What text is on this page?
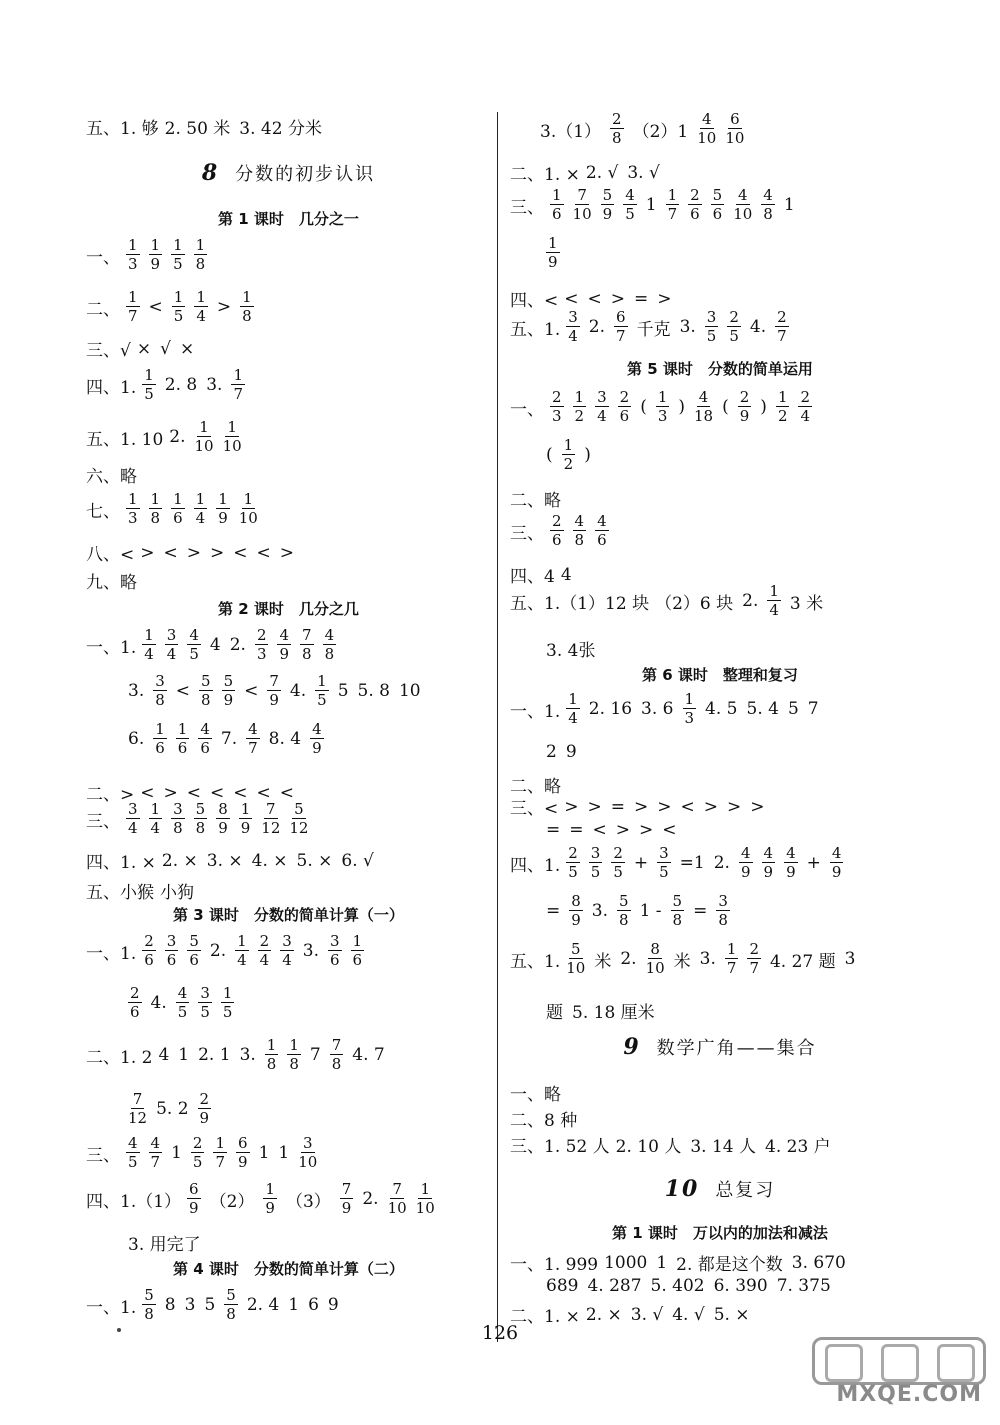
五、1. 够 2. 50 米 3. 42 分米
8 分数的初步认识
第 1 课时　几分之一
一、 $\frac{1}{3} \frac{1}{9} \frac{1}{5} \frac{1}{8}$
二、 $\frac{1}{7} < \frac{1}{5} \frac{1}{4} > \frac{1}{8}$
三、√ × √ ×
四、1. $\frac{1}{5} 2$. 8 3. $\frac{1}{7}$
五、1. 10 2. $\frac{1}{10} \frac{1}{10}$
六、略
七、 $\frac{1}{3} \frac{1}{8} \frac{1}{6} \frac{1}{4} \frac{1}{9} \frac{1}{10}$
八、< > < > > < < >
九、略
第 2 课时　几分之几
一、1. $\frac{1}{4} \frac{3}{4} \frac{4}{5} 4$ 2. $\frac{2}{3} \frac{4}{9} \frac{7}{8} \frac{4}{8}$
3. $\frac{3}{8} < \frac{5}{8} \frac{5}{9} < \frac{7}{9} 4$. $\frac{1}{5} 5$ 5. 8 10
6. $\frac{1}{6} \frac{1}{6} \frac{4}{6} 7$. $\frac{4}{7} 8$. $4 \frac{4}{9}$
二、> < > < < < < <
三、 $\frac{3}{4} \frac{1}{4} \frac{3}{8} \frac{5}{8} \frac{8}{9} \frac{1}{9} \frac{7}{12} \frac{5}{12}$
四、1. × 2. × 3. × 4. × 5. × 6. √
五、小猴 小狗
第 3 课时　分数的简单计算（一）
一、1. $\frac{2}{6} \frac{3}{6} \frac{5}{6} 2$. $\frac{1}{4} \frac{2}{4} \frac{3}{4} 3$. $\frac{3}{6} \frac{1}{6}$
$\frac{2}{6} 4$. $\frac{4}{5} \frac{3}{5} \frac{1}{5}$
二、1. 2 4 1 2. 1 3. $\frac{1}{8} \frac{1}{8} 7 \frac{7}{8} 4$. 7
$\frac{7}{12} 5$. $2 \frac{2}{9}$
三、 $\frac{4}{5} \frac{4}{7} 1 \frac{2}{5} \frac{1}{7} \frac{6}{9} 1$ $1 \frac{3}{10}$
四、$1.(1) \frac{6}{9} (2) \frac{1}{9} (3) \frac{7}{9} 2$. $\frac{7}{10} \frac{1}{10}$
3. 用完了
第 4 课时　分数的简单计算（二）
一、1. $\frac{5}{8} 8$ 3 $5 \frac{5}{8} 2$. 4 1 6 9
$3.(1) \frac{2}{8} (2)1 \frac{4}{10} \frac{6}{10}$
二、1. × 2. √ 3. √
三、 $\frac{1}{6} \frac{7}{10} \frac{5}{9} \frac{4}{5} 1 \frac{1}{7} \frac{2}{6} \frac{5}{6} \frac{4}{10} \frac{4}{8} 1$
$\frac{1}{9}$
四、< < < > = >
五、1. $\frac{3}{4} 2$. $\frac{6}{7}$ 千克 3. $\frac{3}{5} \frac{2}{5} 4$. $\frac{2}{7}$
第 5 课时　分数的简单运用
一、 $\frac{2}{3} \frac{1}{2} \frac{3}{4} \frac{2}{6}$ ( $\frac{1}{3}$ ) $\frac{4}{18}$ ( $\frac{2}{9}$ ) $\frac{1}{2} \frac{2}{4}$
( $\frac{1}{2}$ )
二、略
三、 $\frac{2}{6} \frac{4}{8} \frac{4}{6}$
四、4 4
五、1.（1）12 块 （2）6 块 2. $\frac{1}{4} 3$ 米
3. 4张
第 6 课时　整理和复习
一、1. $\frac{1}{4} 2$. 16 3. $6 \frac{1}{3} 4$. 5 5. 4 5 7
2 9
二、略
三、< > > = > > < > > >
= = < > > <
四、1. $\frac{2}{5} \frac{3}{5} \frac{2}{5} + \frac{3}{5} =1$ 2. $\frac{4}{9} \frac{4}{9} \frac{4}{9} + \frac{4}{9}$
= $\frac{8}{9} 3$. $\frac{5}{8} 1 - \frac{5}{8} = \frac{3}{8}$
五、1. $\frac{5}{10}$ 米 2. $\frac{8}{10}$ 米 3. $\frac{1}{7} \frac{2}{7} 4$. 27 题 3
题 5. 18 厘米
9 数学广角——集合
一、略
二、8 种
三、1. 52 人 2. 10 人 3. 14 人 4. 23 户
10 总复习
第 1 课时　万以内的加法和减法
一、1. 999 1000 1 2. 都是这个数 3. 670
689 4. 287 5. 402 6. 390 7. 375
二、1. × 2. × 3. √ 4. √ 5. ×
126
MXQE.COM
